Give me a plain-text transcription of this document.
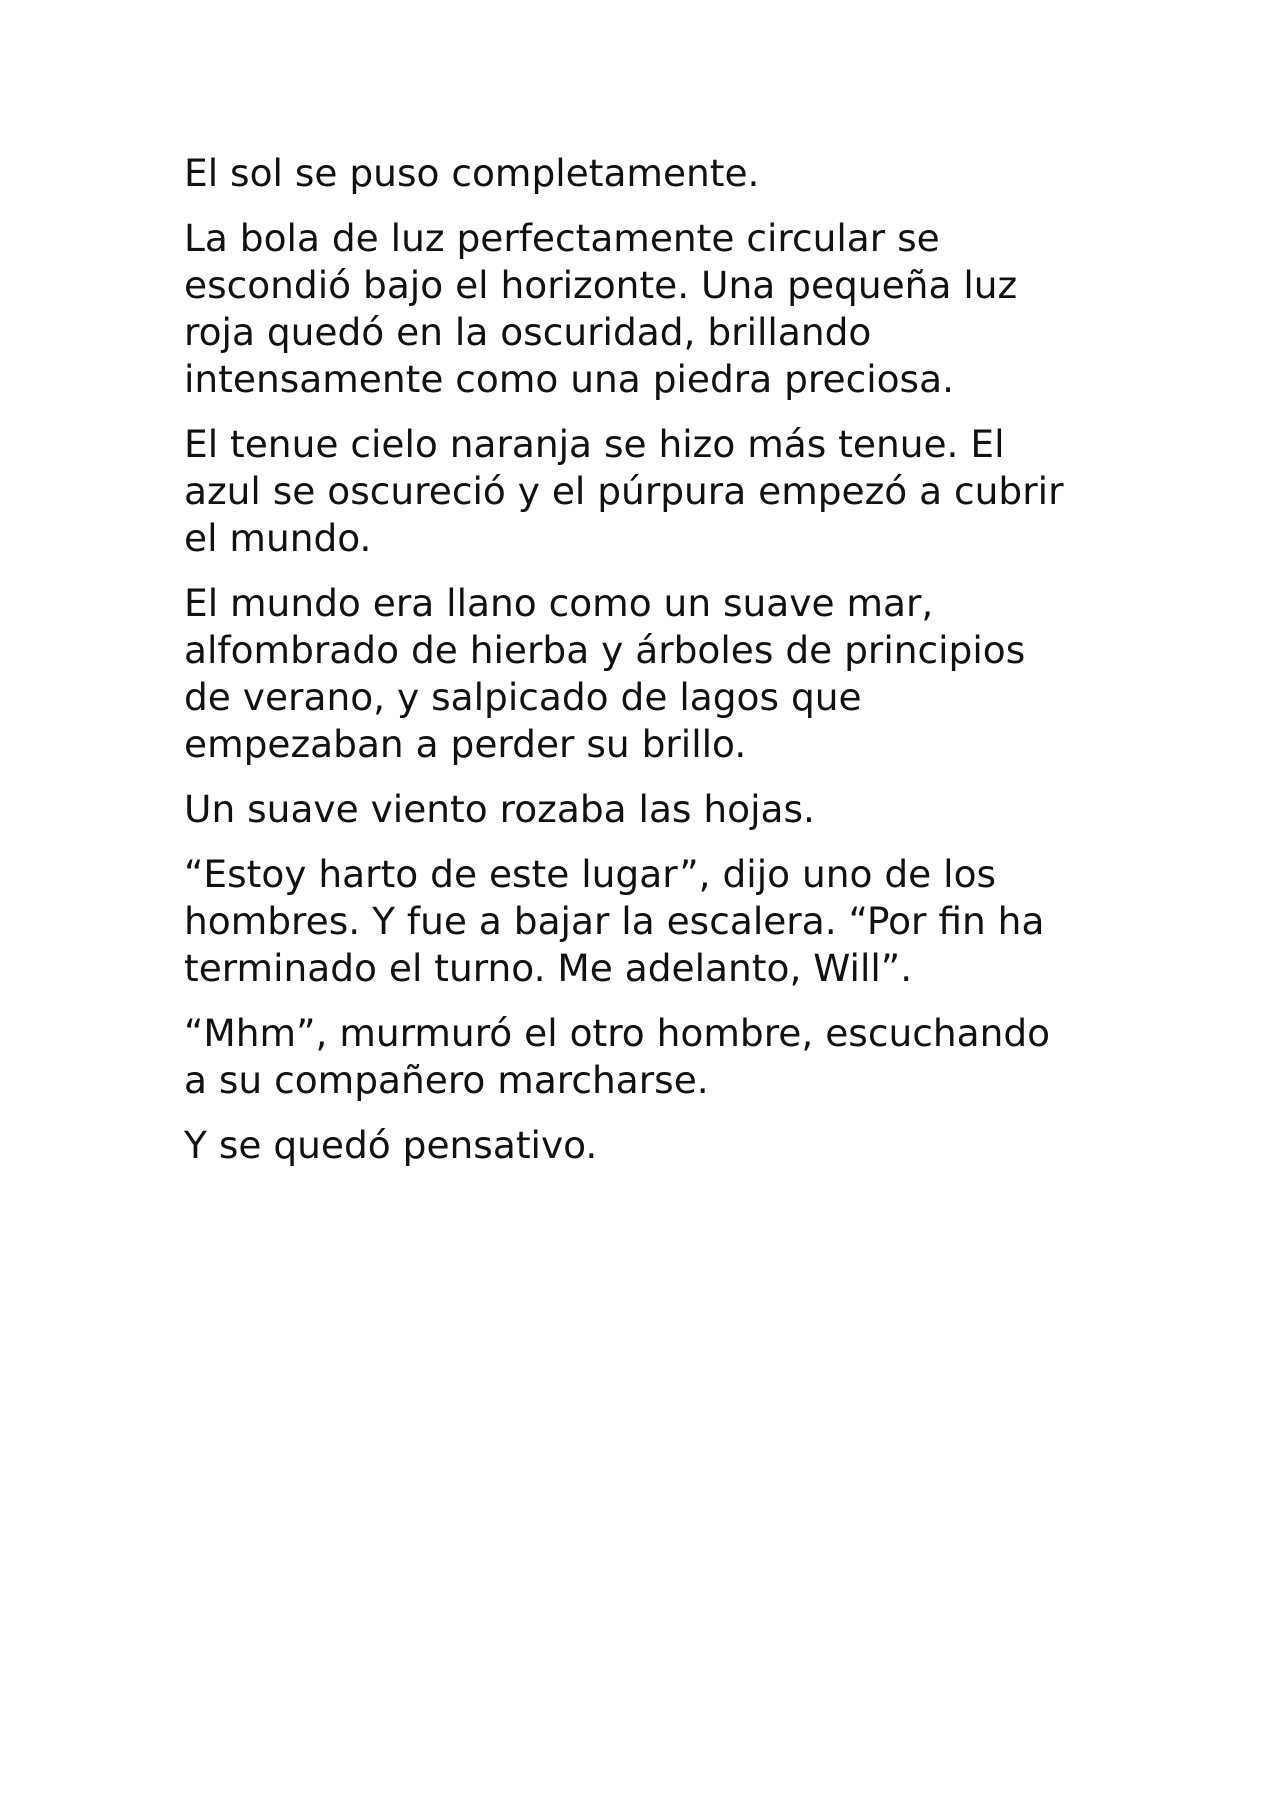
El sol se puso completamente.

La bola de luz perfectamente circular se
escondió bajo el horizonte. Una pequeña luz
roja quedó en la oscuridad, brillando
intensamente como una piedra preciosa.

El tenue cielo naranja se hizo más tenue. El
azul se oscureció y el púrpura empezó a cubrir
el mundo.

El mundo era llano como un suave mar,
alfombrado de hierba y árboles de principios
de verano, y salpicado de lagos que
empezaban a perder su brillo.

Un suave viento rozaba las hojas.

“Estoy harto de este lugar”, dijo uno de los
hombres. Y fue a bajar la escalera. “Por fin ha
terminado el turno. Me adelanto, Will”.

“Mhm”, murmuró el otro hombre, escuchando
a su compañero marcharse.

Y se quedó pensativo.
